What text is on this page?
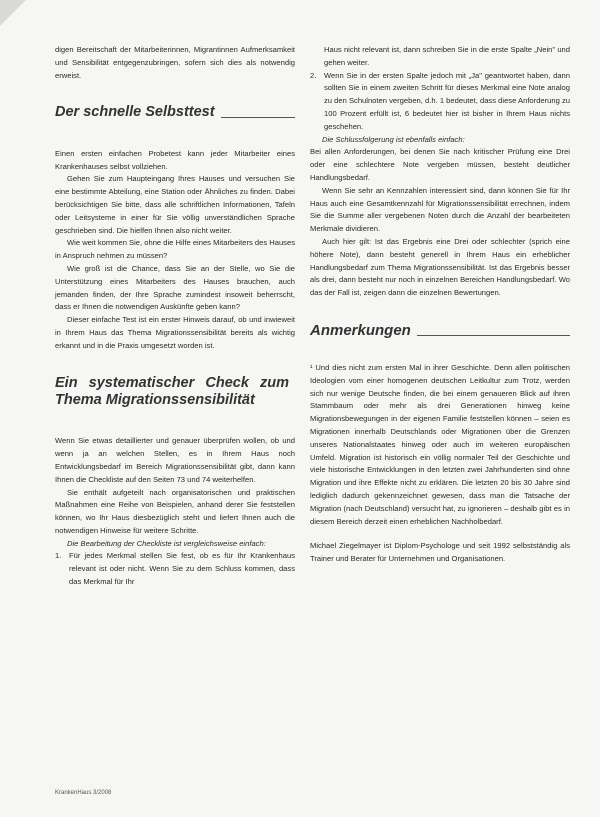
digen Bereitschaft der Mitarbeiterinnen, Migrantinnen Aufmerksamkeit und Sensibilität entgegenzubringen, sofern sich dies als notwendig erweist.

Der schnelle Selbsttest

Einen ersten einfachen Probetest kann jeder Mitarbeiter eines Krankenhauses selbst vollziehen.

Gehen Sie zum Haupteingang Ihres Hauses und versuchen Sie eine bestimmte Abteilung, eine Station oder Ähnliches zu finden. Dabei berücksichtigen Sie bitte, dass alle schriftlichen Informationen, Tafeln oder Leitsysteme in einer für Sie völlig unverständlichen Sprache geschrieben sind. Die hielfen Ihnen also nicht weiter.

Wie weit kommen Sie, ohne die Hilfe eines Mitarbeiters des Hauses in Anspruch nehmen zu müssen?

Wie groß ist die Chance, dass Sie an der Stelle, wo Sie die Unterstützung eines Mitarbeiters des Hauses brauchen, auch jemanden finden, der Ihre Sprache zumindest insoweit beherrscht, dass er Ihnen die notwendigen Auskünfte geben kann?

Dieser einfache Test ist ein erster Hinweis darauf, ob und inwieweit in Ihrem Haus das Thema Migrationssensibilität bereits als wichtig erkannt und in die Praxis umgesetzt worden ist.

Ein systematischer Check zum Thema Migrationssensibilität

Wenn Sie etwas detaillierter und genauer überprüfen wollen, ob und wenn ja an welchen Stellen, es in Ihrem Haus noch Entwicklungsbedarf im Bereich Migrationssensibilität gibt, dann kann Ihnen die Checkliste auf den Seiten 73 und 74 weiterhelfen.

Sie enthält aufgeteilt nach organisatorischen und praktischen Maßnahmen eine Reihe von Beispielen, anhand derer Sie feststellen können, wo Ihr Haus diesbezüglich steht und liefert Ihnen auch die notwendigen Hinweise für weitere Schritte.

Die Bearbeitung der Checkliste ist vergleichsweise einfach:

1.	Für jedes Merkmal stellen Sie fest, ob es für Ihr Krankenhaus relevant ist oder nicht. Wenn Sie zu dem Schluss kommen, dass das Merkmal für Ihr

Haus nicht relevant ist, dann schreiben Sie in die erste Spalte „Nein" und gehen weiter.

2.	Wenn Sie in der ersten Spalte jedoch mit „Ja" geantwortet haben, dann sollten Sie in einem zweiten Schritt für dieses Merkmal eine Note analog zu den Schulnoten vergeben, d.h. 1 bedeutet, dass diese Anforderung zu 100 Prozent erfüllt ist, 6 bedeutet hier ist bisher in Ihrem Haus nichts geschehen.

Die Schlussfolgerung ist ebenfalls einfach:

Bei allen Anforderungen, bei denen Sie nach kritischer Prüfung eine Drei oder eine schlechtere Note vergeben müssen, besteht deutlicher Handlungsbedarf.

Wenn Sie sehr an Kennzahlen interessiert sind, dann können Sie für Ihr Haus auch eine Gesamtkennzahl für Migrationssensibilität errechnen, indem Sie die Summe aller vergebenen Noten durch die Anzahl der bearbeiteten Merkmale dividieren.

Auch hier gilt: Ist das Ergebnis eine Drei oder schlechter (sprich eine höhere Note), dann besteht generell in Ihrem Haus ein erheblicher Handlungsbedarf zum Thema Migrationssensibilität. Ist das Ergebnis besser als drei, dann besteht nur noch in einzelnen Bereichen Handlungsbedarf. Wo das der Fall ist, zeigen dann die einzelnen Bewertungen.

Anmerkungen

¹ Und dies nicht zum ersten Mal in ihrer Geschichte. Denn allen politischen Ideologien vom einer homogenen deutschen Leitkultur zum Trotz, werden sich nur wenige Deutsche finden, die bei einem genaueren Blick auf ihren Stammbaum oder mehr als drei Generationen hinweg keine Migrationsbewegungen in der eigenen Familie feststellen können – seien es Migrationen innerhalb Deutschlands oder Migrationen über die Grenzen unseres Nationalstaates hinweg oder auch im weiteren europäischen Umfeld. Migration ist historisch ein völlig normaler Teil der Geschichte und viele historische Entwicklungen in den letzten zwei Jahrhunderten sind ohne Migration und ihre Effekte nicht zu erklären. Die letzten 20 bis 30 Jahre sind lediglich dadurch gekennzeichnet gewesen, dass man die Tatsache der Migration (nach Deutschland) versucht hat, zu ignorieren – deshalb gibt es in diesem Bereich derzeit einen erheblichen Nachholbedarf.

Michael Ziegelmayer ist Diplom-Psychologe und seit 1992 selbstständig als Trainer und Berater für Unternehmen und Organisationen.

KrankenHaus 3/2008
